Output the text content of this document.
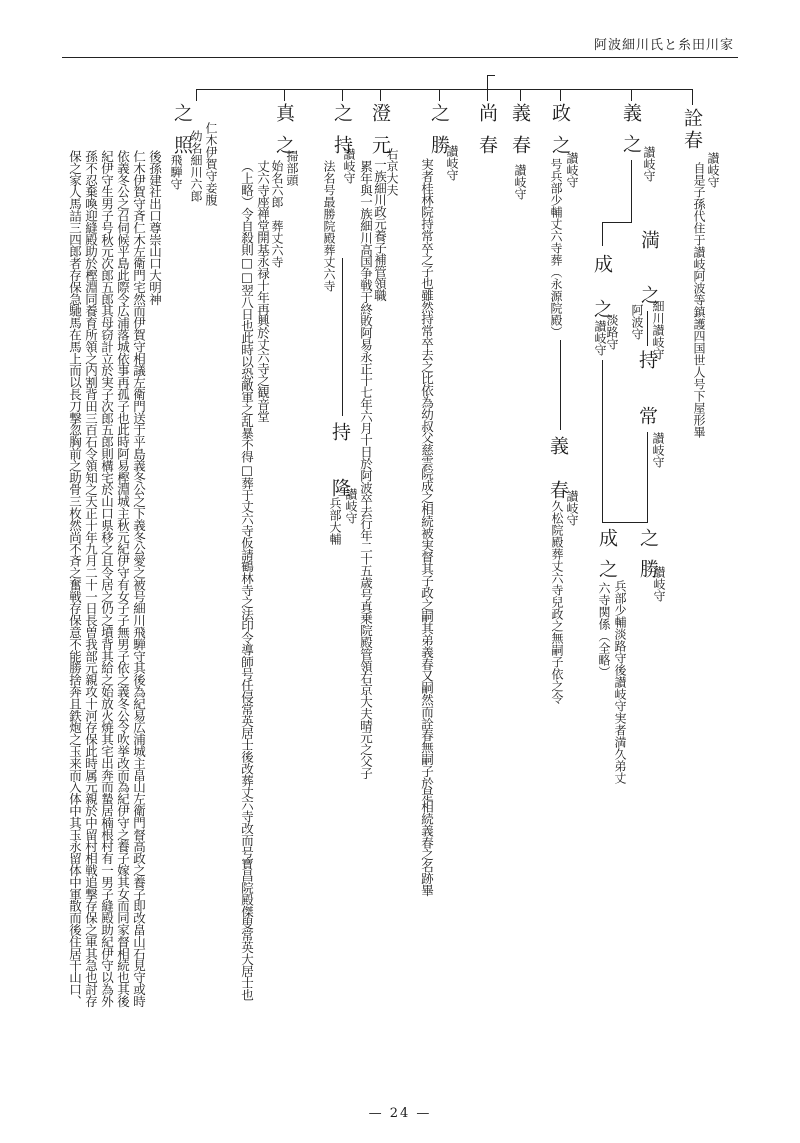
阿波細川氏と糸田川家
詮
春
讃岐守
自是子孫代住于讃岐阿波等鎮護四国世人号下屋形畢
義
之
讃岐守
満
之
細川讃岐守
阿波守
持
常
讃岐守
成
之
淡路守
讃岐守
之
勝
讃岐守
成
之
兵部少輔淡路守後讃岐守実者満久弟丈
六寺関係（全略）
政
之
讃岐守
号兵部少輔丈六寺葬（永源院殿）
義
春
讃岐守
久松院殿葬丈六寺兒政之無嗣子依之令
義
春
讃岐守
尚
春
之
勝
讃岐守
実者桂林院持常卒之子也雖然持常卒去之比依為幼叔父慈雲院成之相続被実督其子政之嗣其弟義春又嗣然而詮春無嗣子於是相続義春之名跡畢
澄
元
右京大夫
一族細川政元養子補管領職
累年與一族細川高国争戦于終敗阿易永正十七年六月十日於阿波卒去行年二十五歳号真乗院殿管領右京大夫晴元之父子
之
持
讃岐守
法名号最勝院殿葬丈六寺
持
隆
讃岐守
兵部大輔
真
之
掃部頭
始名六郎　葬丈六寺
丈六寺座禅堂開基永禄十年再興於丈六寺之観音堂
（上略）令自殺則□□翌八日也此時以恐敵軍之乱暴不得□葬于丈六寺仮請鶴林寺之法印令導師号任侵常英居士後改葬丈六寺改而号寶昌院殿傑叟常英大居士也
之
照 仁木伊賀守妾腹
幼名細川六郎
飛騨守
後孫建社出口尊崇山口大明神
仁木伊賀守斉仁木左衛門宅然而伊賀守相議左衛門送于平島義冬公之下義冬公愛之被号細川飛騨守其後為紀易広浦城主畠山左衛門督高政之養子即改畠山石見守或時
依義冬公之召伺候平島此際令広浦落城依事再孤子也此時阿易樫淵城主秋元紀伊守有女子子無男子依之義冬公令吹挙改而為紀伊守之養子嫁其女而同家督相続也其後
紀伊守生男子号秋元次郎五郎其母窃計立於実子次郎五郎則構宅於山口県移之且令居之仍之墳背其給之始放火焼其宅出奔而蟄居楠根村有一男子縫殿助紀伊守以為外
孫不忍棄喚迎縫殿助於樫淵同養育所領之内割背田三百石令領知之天正十年九月二十一日長曽我部元親攻十河存保此時属元親於中留村相戦追撃存保之軍其急也討存
保之家人馬詰三四郎者存保急馳馬在馬上而以長刀撃忽胸前之助骨三枚然尚不斉之奮戦存保意不能勝捨奔且鉄炮之玉来而入体中其玉永留体中軍散而後住居干山口、
— 24 —
